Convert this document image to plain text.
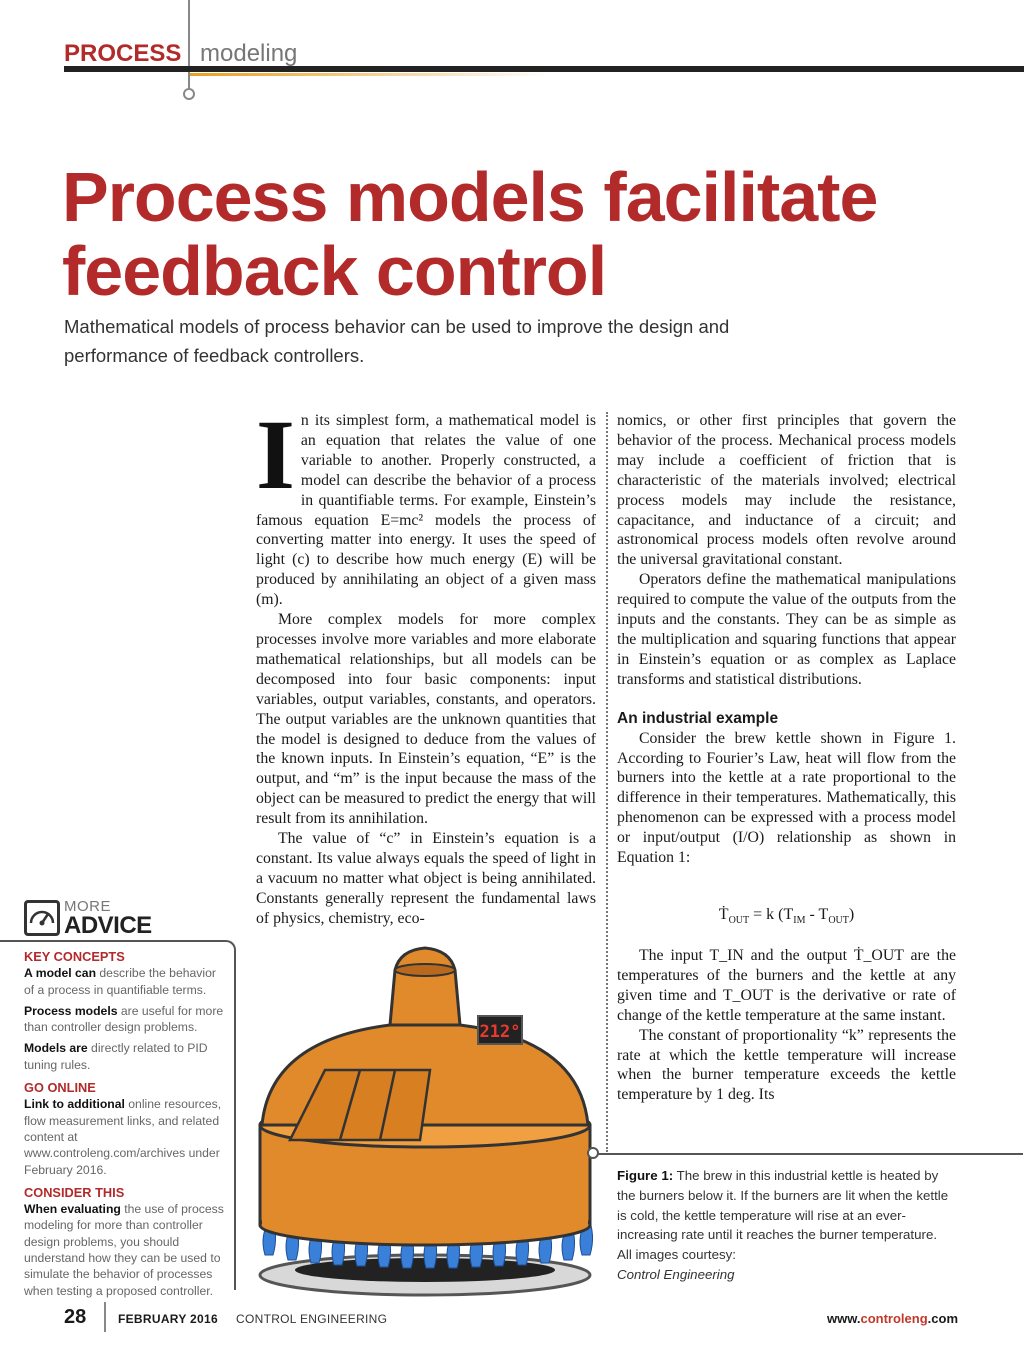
PROCESS modeling
Process models facilitate feedback control
Mathematical models of process behavior can be used to improve the design and performance of feedback controllers.

In its simplest form, a mathematical model is an equation that relates the value of one variable to another. Properly constructed, a model can describe the behavior of a process in quantifiable terms. For example, Einstein’s famous equation E=mc² models the process of converting matter into energy. It uses the speed of light (c) to describe how much energy (E) will be produced by annihilating an object of a given mass (m).

More complex models for more complex processes involve more variables and more elaborate mathematical relationships, but all models can be decomposed into four basic components: input variables, output variables, constants, and operators. The output variables are the unknown quantities that the model is designed to deduce from the values of the known inputs. In Einstein’s equation, “E” is the output, and “m” is the input because the mass of the object can be measured to predict the energy that will result from its annihilation.

The value of “c” in Einstein’s equation is a constant. Its value always equals the speed of light in a vacuum no matter what object is being annihilated. Constants generally represent the fundamental laws of physics, chemistry, eco-

nomics, or other first principles that govern the behavior of the process. Mechanical process models may include a coefficient of friction that is characteristic of the materials involved; electrical process models may include the resistance, capacitance, and inductance of a circuit; and astronomical process models often revolve around the universal gravitational constant.

Operators define the mathematical manipulations required to compute the value of the outputs from the inputs and the constants. They can be as simple as the multiplication and squaring functions that appear in Einstein’s equation or as complex as Laplace transforms and statistical distributions.

An industrial example

Consider the brew kettle shown in Figure 1. According to Fourier’s Law, heat will flow from the burners into the kettle at a rate proportional to the difference in their temperatures. Mathematically, this phenomenon can be expressed with a process model or input/output (I/O) relationship as shown in Equation 1:

Ṫ$_{OUT}$ = k $(T_{IM} - T_{OUT})$

The input T_IN and the output Ṫ_OUT are the temperatures of the burners and the kettle at any given time and T_OUT is the derivative or rate of change of the kettle temperature at the same instant.

The constant of proportionality “k” represents the rate at which the kettle temperature will increase when the burner temperature exceeds the kettle temperature by 1 deg. Its

MORE
ADVICE
KEY CONCEPTS
A model can describe the behavior of a process in quantifiable terms.
Process models are useful for more than controller design problems.
Models are directly related to PID tuning rules.
GO ONLINE
Link to additional online resources, flow measurement links, and related content at www.controleng.com/archives under February 2016.
CONSIDER THIS
When evaluating the use of process modeling for more than controller design problems, you should understand how they can be used to simulate the behavior of processes when testing a proposed controller.
212°
Figure 1: The brew in this industrial kettle is heated by the burners below it. If the burners are lit when the kettle is cold, the kettle temperature will rise at an ever-increasing rate until it reaches the burner temperature. All images courtesy:
Control Engineering
28	FEBRUARY 2016 CONTROL ENGINEERING	www.controleng.com
